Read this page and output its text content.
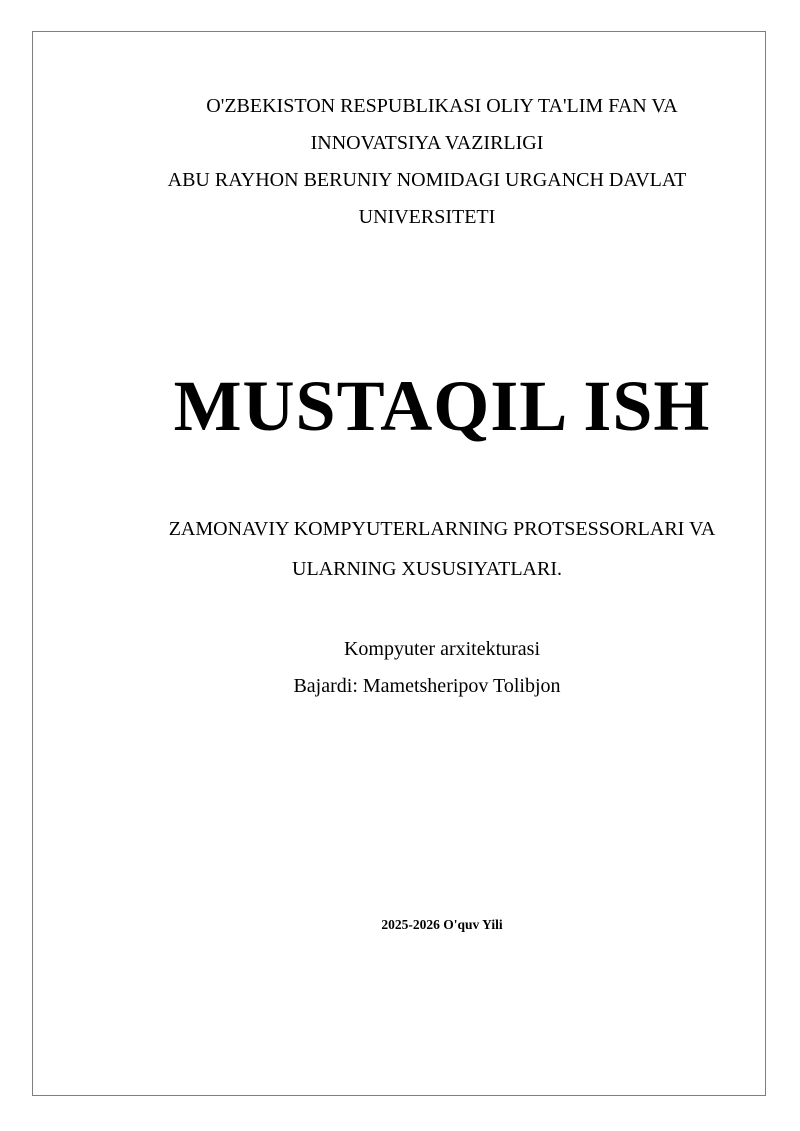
O'ZBEKISTON RESPUBLIKASI OLIY TA'LIM FAN VA
INNOVATSIYA VAZIRLIGI
ABU RAYHON BERUNIY NOMIDAGI URGANCH DAVLAT
UNIVERSITETI
MUSTAQIL ISH
ZAMONAVIY KOMPYUTERLARNING PROTSESSORLARI VA
ULARNING XUSUSIYATLARI.
Kompyuter arxitekturasi
Bajardi: Mametsheripov Tolibjon
2025-2026 O'quv Yili
